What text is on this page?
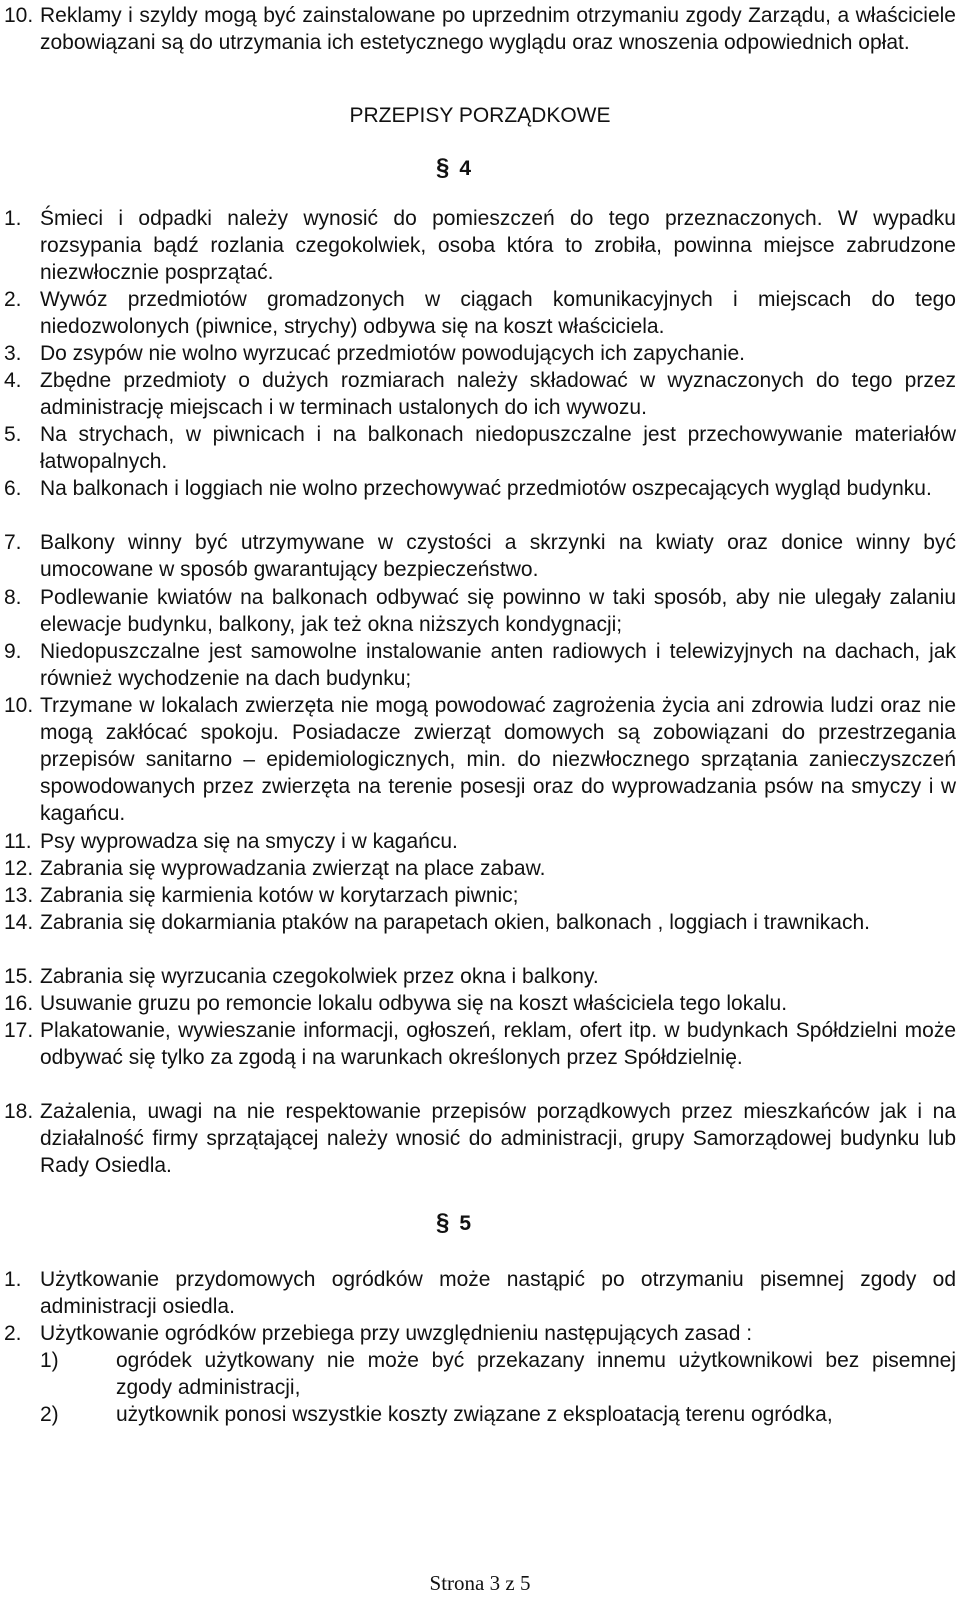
10. Reklamy i szyldy mogą być zainstalowane po uprzednim otrzymaniu zgody Zarządu, a właściciele zobowiązani są do utrzymania ich estetycznego wyglądu oraz wnoszenia odpowiednich opłat.
PRZEPISY PORZĄDKOWE
§ 4
1. Śmieci i odpadki należy wynosić do pomieszczeń do tego przeznaczonych. W wypadku rozsypania bądź rozlania czegokolwiek, osoba która to zrobiła, powinna miejsce zabrudzone niezwłocznie posprzątać.
2. Wywóz przedmiotów gromadzonych w ciągach komunikacyjnych i miejscach do tego niedozwolonych (piwnice, strychy) odbywa się na koszt właściciela.
3. Do zsypów nie wolno wyrzucać przedmiotów powodujących ich zapychanie.
4. Zbędne przedmioty o dużych rozmiarach należy składować w wyznaczonych do tego przez administrację miejscach i w terminach ustalonych do ich wywozu.
5. Na strychach, w piwnicach i na balkonach niedopuszczalne jest przechowywanie materiałów łatwopalnych.
6. Na balkonach i loggiach nie wolno przechowywać przedmiotów oszpecających wygląd budynku.
7. Balkony winny być utrzymywane w czystości a skrzynki na kwiaty oraz donice winny być umocowane w sposób gwarantujący bezpieczeństwo.
8. Podlewanie kwiatów na balkonach odbywać się powinno w taki sposób, aby nie ulegały zalaniu elewacje budynku, balkony, jak też okna niższych kondygnacji;
9. Niedopuszczalne jest samowolne instalowanie anten radiowych i telewizyjnych na dachach, jak również wychodzenie na dach budynku;
10. Trzymane w lokalach zwierzęta nie mogą powodować zagrożenia życia ani zdrowia ludzi oraz nie mogą zakłócać spokoju. Posiadacze zwierząt domowych są zobowiązani do przestrzegania przepisów sanitarno – epidemiologicznych, min. do niezwłocznego sprzątania zanieczyszczeń spowodowanych przez zwierzęta na terenie posesji oraz do wyprowadzania psów na smyczy i w kagańcu.
11. Psy wyprowadza się na smyczy i w kagańcu.
12. Zabrania się wyprowadzania zwierząt na place zabaw.
13. Zabrania się karmienia kotów w korytarzach piwnic;
14. Zabrania się dokarmiania ptaków na parapetach okien, balkonach , loggiach i trawnikach.
15. Zabrania się wyrzucania czegokolwiek przez okna i balkony.
16. Usuwanie gruzu po remoncie lokalu odbywa się na koszt właściciela tego lokalu.
17. Plakatowanie, wywieszanie informacji, ogłoszeń, reklam, ofert itp. w budynkach Spółdzielni może odbywać się tylko za zgodą i na warunkach określonych przez Spółdzielnię.
18. Zażalenia, uwagi na nie respektowanie przepisów porządkowych przez mieszkańców jak i na działalność firmy sprzątającej należy wnosić do administracji, grupy Samorządowej budynku lub Rady Osiedla.
§ 5
1. Użytkowanie przydomowych ogródków może nastąpić po otrzymaniu pisemnej zgody od administracji osiedla.
2. Użytkowanie ogródków przebiega przy uwzględnieniu następujących zasad :
1)	ogródek użytkowany nie może być przekazany innemu użytkownikowi bez pisemnej zgody administracji,
2)	użytkownik ponosi wszystkie koszty związane z eksploatacją terenu ogródka,
Strona 3 z 5
